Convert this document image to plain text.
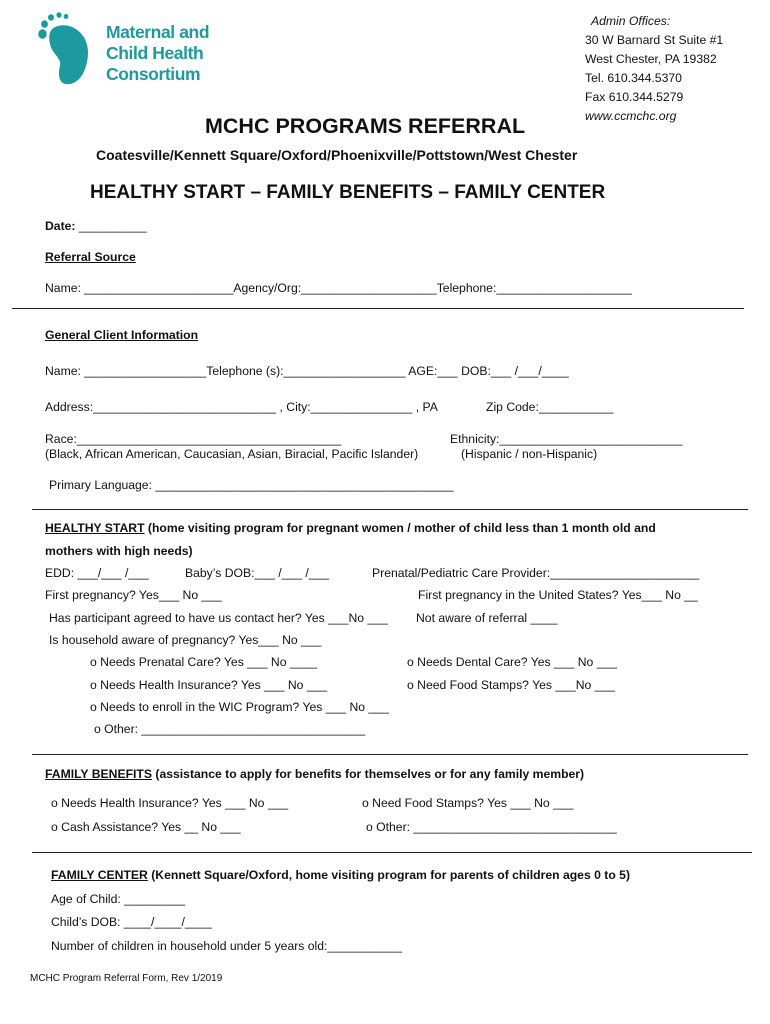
Maternal and
Child Health
Consortium
Admin Offices:
30 W Barnard St Suite #1
West Chester, PA 19382
Tel. 610.344.5370
Fax 610.344.5279
www.ccmchc.org
MCHC PROGRAMS REFERRAL
Coatesville/Kennett Square/Oxford/Phoenixville/Pottstown/West Chester
HEALTHY START – FAMILY BENEFITS – FAMILY CENTER
Date: __________
Referral Source
Name: ______________________Agency/Org:____________________Telephone:____________________
General Client Information
Name: __________________Telephone (s):__________________ AGE:___ DOB:___ /___/____
Address:___________________________ , City:_______________ , PA	Zip Code:___________
Race:_______________________________________
(Black, African American, Caucasian, Asian, Biracial, Pacific Islander)
Ethnicity:___________________________
(Hispanic / non-Hispanic)
Primary Language: ____________________________________________
HEALTHY START (home visiting program for pregnant women / mother of child less than 1 month old and
mothers with high needs)
EDD: ___/___ /___	Baby’s DOB:___ /___ /___	Prenatal/Pediatric Care Provider:______________________
First pregnancy? Yes___ No ___	First pregnancy in the United States? Yes___ No __
Has participant agreed to have us contact her? Yes ___No ___ Not aware of referral ____
Is household aware of pregnancy? Yes___ No ___
o Needs Prenatal Care? Yes ___ No ____	o Needs Dental Care? Yes ___ No ___
o Needs Health Insurance? Yes ___ No ___	o Need Food Stamps? Yes ___No ___
o Needs to enroll in the WIC Program? Yes ___ No ___
o Other: _________________________________
FAMILY BENEFITS (assistance to apply for benefits for themselves or for any family member)
o Needs Health Insurance? Yes ___ No ___	o Need Food Stamps? Yes ___ No ___
o Cash Assistance? Yes __ No ___	o Other: ______________________________
FAMILY CENTER (Kennett Square/Oxford, home visiting program for parents of children ages 0 to 5)
Age of Child: _________
Child’s DOB: ____/____/____
Number of children in household under 5 years old:___________
MCHC Program Referral Form, Rev 1/2019
